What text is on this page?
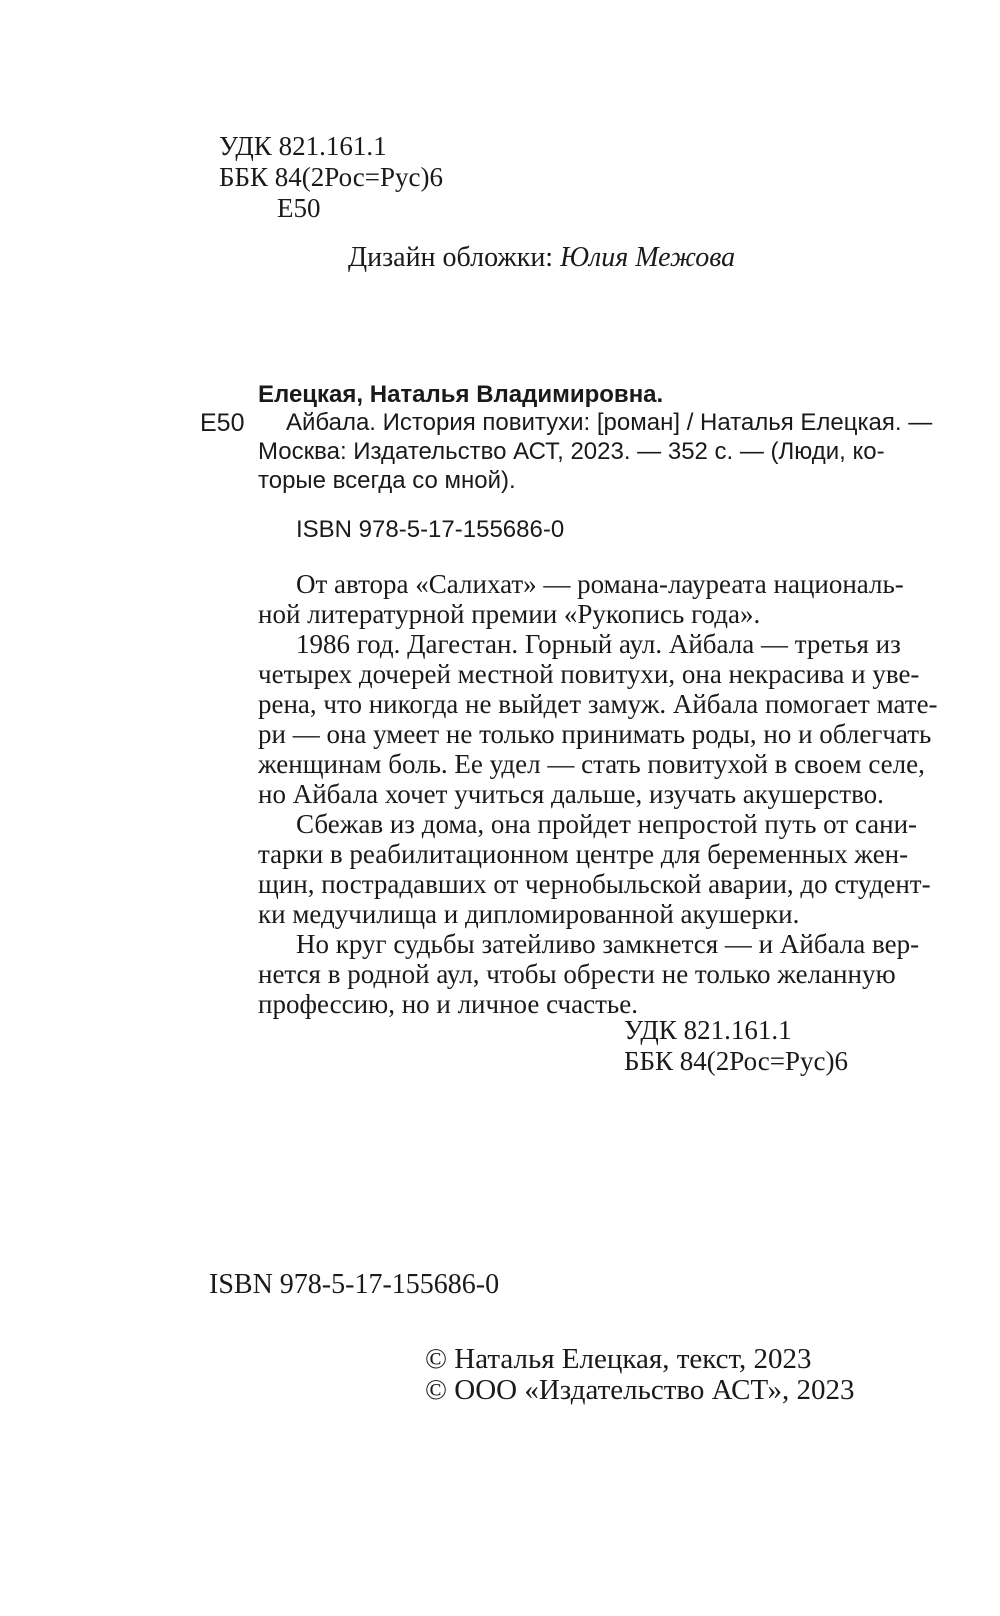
УДК 821.161.1
ББК 84(2Рос=Рус)6
Е50
Дизайн обложки: Юлия Межова
Елецкая, Наталья Владимировна.
Е50 Айбала. История повитухи: [роман] / Наталья Елецкая. —
Москва: Издательство АСТ, 2023. — 352 с. — (Люди, ко-
торые всегда со мной).
ISBN 978-5-17-155686-0
От автора «Салихат» — романа-лауреата националь-
ной литературной премии «Рукопись года».
1986 год. Дагестан. Горный аул. Айбала — третья из
четырех дочерей местной повитухи, она некрасива и уве-
рена, что никогда не выйдет замуж. Айбала помогает мате-
ри — она умеет не только принимать роды, но и облегчать
женщинам боль. Ее удел — стать повитухой в своем селе,
но Айбала хочет учиться дальше, изучать акушерство.
Сбежав из дома, она пройдет непростой путь от сани-
тарки в реабилитационном центре для беременных жен-
щин, пострадавших от чернобыльской аварии, до студент-
ки медучилища и дипломированной акушерки.
Но круг судьбы затейливо замкнется — и Айбала вер-
нется в родной аул, чтобы обрести не только желанную
профессию, но и личное счастье.
УДК 821.161.1
ББК 84(2Рос=Рус)6
ISBN 978-5-17-155686-0
© Наталья Елецкая, текст, 2023
© ООО «Издательство АСТ», 2023
